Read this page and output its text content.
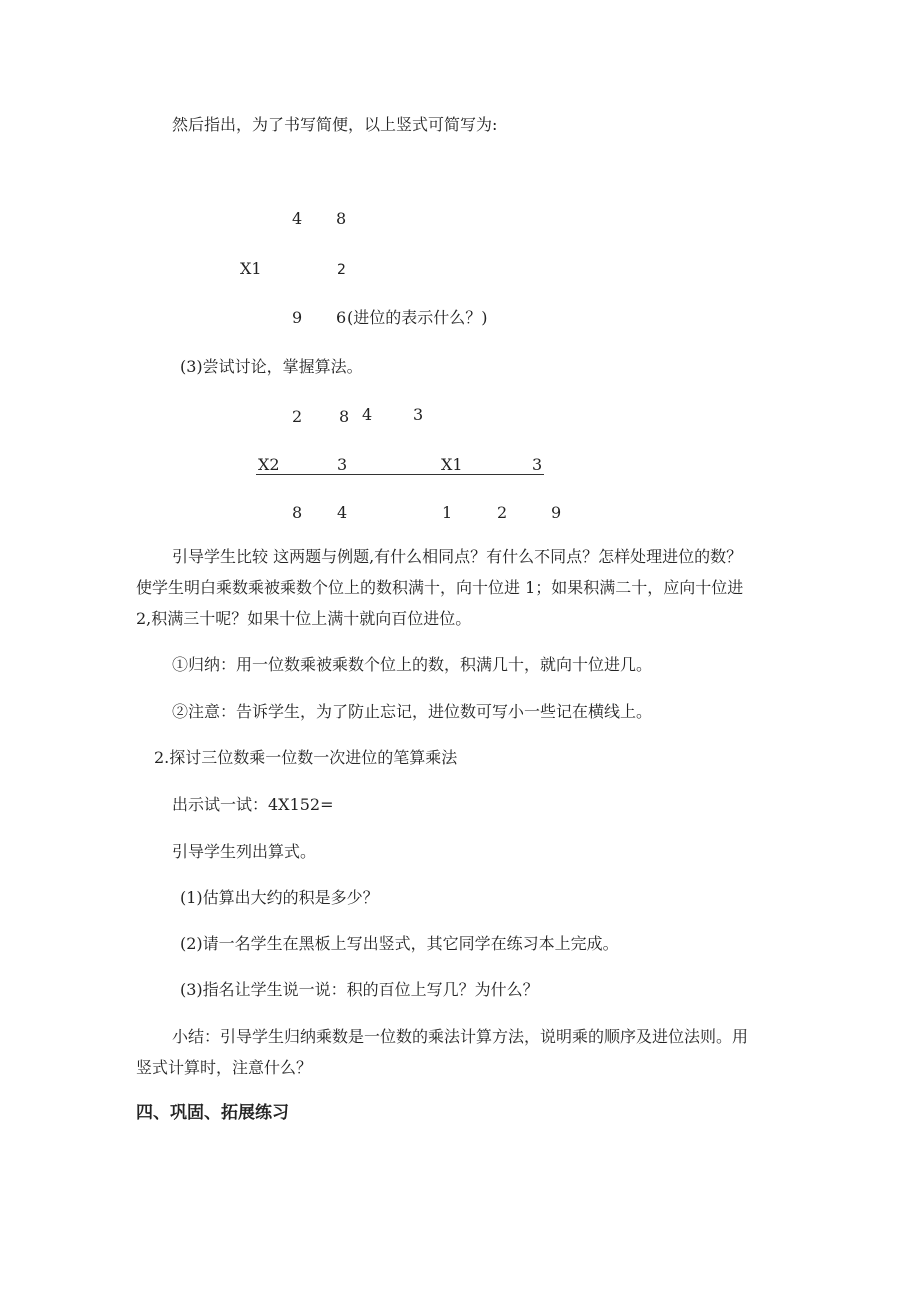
然后指出，为了书写简便，以上竖式可简写为:
4 8
X1	2
9 6 (进位的表示什么？)
(3)尝试讨论，掌握算法。
2 8
X2	3
8 4
4	3
X1	3
1	2	9
引导学生比较 这两题与例题,有什么相同点？有什么不同点？怎样处理进位的数？
使学生明白乘数乘被乘数个位上的数积满十，向十位进 1；如果积满二十，应向十位进
2,积满三十呢？如果十位上满十就向百位进位。
①归纳：用一位数乘被乘数个位上的数，积满几十，就向十位进几。
②注意：告诉学生，为了防止忘记，进位数可写小一些记在横线上。
2.探讨三位数乘一位数一次进位的笔算乘法
出示试一试：4X152=
引导学生列出算式。
(1)估算出大约的积是多少？
(2)请一名学生在黑板上写出竖式，其它同学在练习本上完成。
(3)指名让学生说一说：积的百位上写几？为什么？
小结：引导学生归纳乘数是一位数的乘法计算方法，说明乘的顺序及进位法则。用
竖式计算时，注意什么？
四、巩固、拓展练习
